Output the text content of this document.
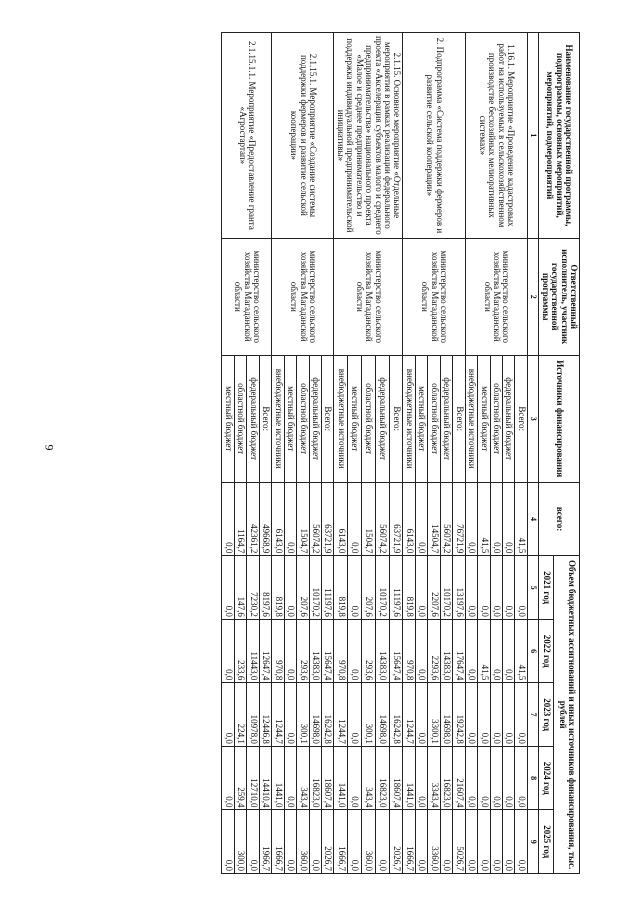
9
Наименование государственной программы, подпрограммы, основных мероприятий, мероприятий, подмероприятий	Ответственный исполнитель, участник государственной программы	Источники финансирования	всего:	Объем бюджетных ассигнований и иных источников финансирования, тыс. рублей				
				2021 год	2022 год	2023 год	2024 год	2025 год
1	2	3	4	5	6	7	8	9
1.16.1. Мероприятие «Проведение кадастровых работ на используемых в сельскохозяйственном производстве бесхозяйных мелиоративных системах»	министерство сельского хозяйства Магаданской области	Всего:	41,5	0,0	41,5	0,0	0,0	0,0
		федеральный бюджет	0,0	0,0	0,0	0,0	0,0	0,0
		областной бюджет	0,0	0,0	0,0	0,0	0,0	0,0
		местный бюджет	41,5	0,0	41,5	0,0	0,0	0,0
		внебюджетные источники	0,0	0,0	0,0	0,0	0,0	0,0
2. Подпрограмма «Система поддержки фермеров и развитие сельской кооперации»	министерство сельского хозяйства Магаданской области	Всего:	76721,9	13197,6	17647,4	19242,8	21607,4	5026,7
		федеральный бюджет	56074,2	10170,2	14383,0	14698,0	16823,0	0,0
		областной бюджет	14504,7	2207,6	2293,6	3300,1	3343,4	3360,0
		местный бюджет	0,0	0,0	0,0	0,0	0,0	0,0
		внебюджетные источники	6143,0	819,8	970,8	1244,7	1441,0	1666,7
2.1.15. Основное мероприятие «Отдельные мероприятия в рамках реализации федерального проекта «Акселерация субъектов малого и среднего предпринимательства» национального проекта «Малое и среднее предпринимательство и поддержка индивидуальной предпринимательской инициативы»	министерство сельского хозяйства Магаданской области	Всего:	63721,9	11197,6	15647,4	16242,8	18607,4	2026,7
		федеральный бюджет	56074,2	10170,2	14383,0	14698,0	16823,0	0,0
		областной бюджет	1504,7	207,6	293,6	300,1	343,4	360,0
		местный бюджет	0,0	0,0	0,0	0,0	0,0	0,0
		внебюджетные источники	6143,0	819,8	970,8	1244,7	1441,0	1666,7
2.1.15.1. Мероприятие «Создание системы поддержки фермеров и развитие сельской кооперации»	министерство сельского хозяйства Магаданской области	Всего:	63721,9	11197,6	15647,4	16242,8	18607,4	2026,7
		федеральный бюджет	56074,2	10170,2	14383,0	14698,0	16823,0	0,0
		областной бюджет	1504,7	207,6	293,6	300,1	343,4	360,0
		местный бюджет	0,0	0,0	0,0	0,0	0,0	0,0
		внебюджетные источники	6143,0	819,8	970,8	1244,7	1441,0	1666,7
2.1.15.1.1. Мероприятие «Предоставление гранта «Агростартап»	министерство сельского хозяйства Магаданской области	Всего:	49668,9	8197,6	12647,4	12446,8	14410,4	1966,7
		федеральный бюджет	42361,2	7230,2	11443,0	10978,0	12710,0	0,0
		областной бюджет	1164,7	147,6	233,6	224,1	259,4	300,0
		местный бюджет	0,0	0,0	0,0	0,0	0,0	0,0
